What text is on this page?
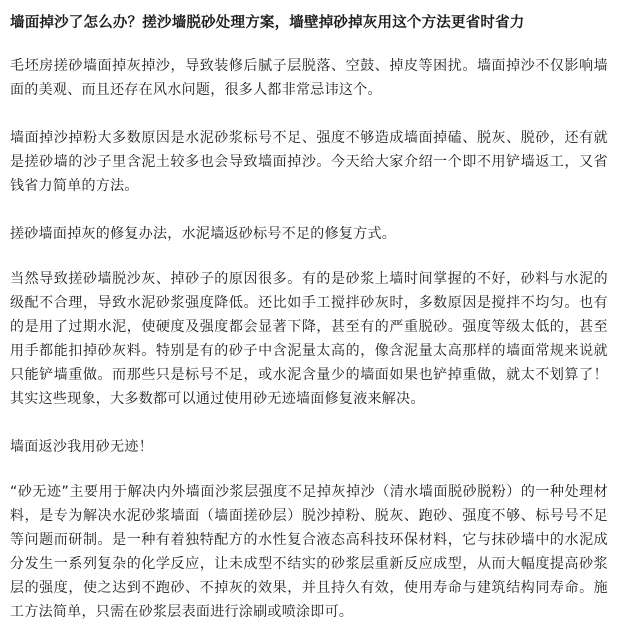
墙面掉沙了怎么办？搓沙墙脱砂处理方案，墙壁掉砂掉灰用这个方法更省时省力

毛坯房搓砂墙面掉灰掉沙，导致装修后腻子层脱落、空鼓、掉皮等困扰。墙面掉沙不仅影响墙面的美观、而且还存在风水问题，很多人都非常忌讳这个。

墙面掉沙掉粉大多数原因是水泥砂浆标号不足、强度不够造成墙面掉磕、脱灰、脱砂，还有就是搓砂墙的沙子里含泥土较多也会导致墙面掉沙。今天给大家介绍一个即不用铲墙返工，又省钱省力简单的方法。

搓砂墙面掉灰的修复办法，水泥墙返砂标号不足的修复方式。

当然导致搓砂墙脱沙灰、掉砂子的原因很多。有的是砂浆上墙时间掌握的不好，砂料与水泥的级配不合理，导致水泥砂浆强度降低。还比如手工搅拌砂灰时，多数原因是搅拌不均匀。也有的是用了过期水泥，使硬度及强度都会显著下降，甚至有的严重脱砂。强度等级太低的，甚至用手都能扣掉砂灰料。特别是有的砂子中含泥量太高的，像含泥量太高那样的墙面常规来说就只能铲墙重做。而那些只是标号不足，或水泥含量少的墙面如果也铲掉重做，就太不划算了！其实这些现象，大多数都可以通过使用砂无迹墙面修复液来解决。

墙面返沙我用砂无迹！

“砂无迹”主要用于解决内外墙面沙浆层强度不足掉灰掉沙（清水墙面脱砂脱粉）的一种处理材料，是专为解决水泥砂浆墙面（墙面搓砂层）脱沙掉粉、脱灰、跑砂、强度不够、标号号不足等问题而研制。是一种有着独特配方的水性复合液态高科技环保材料，它与抹砂墙中的水泥成分发生一系列复杂的化学反应，让未成型不结实的砂浆层重新反应成型，从而大幅度提高砂浆层的强度，使之达到不跑砂、不掉灰的效果，并且持久有效，使用寿命与建筑结构同寿命。施工方法简单，只需在砂浆层表面进行涂刷或喷涂即可。
